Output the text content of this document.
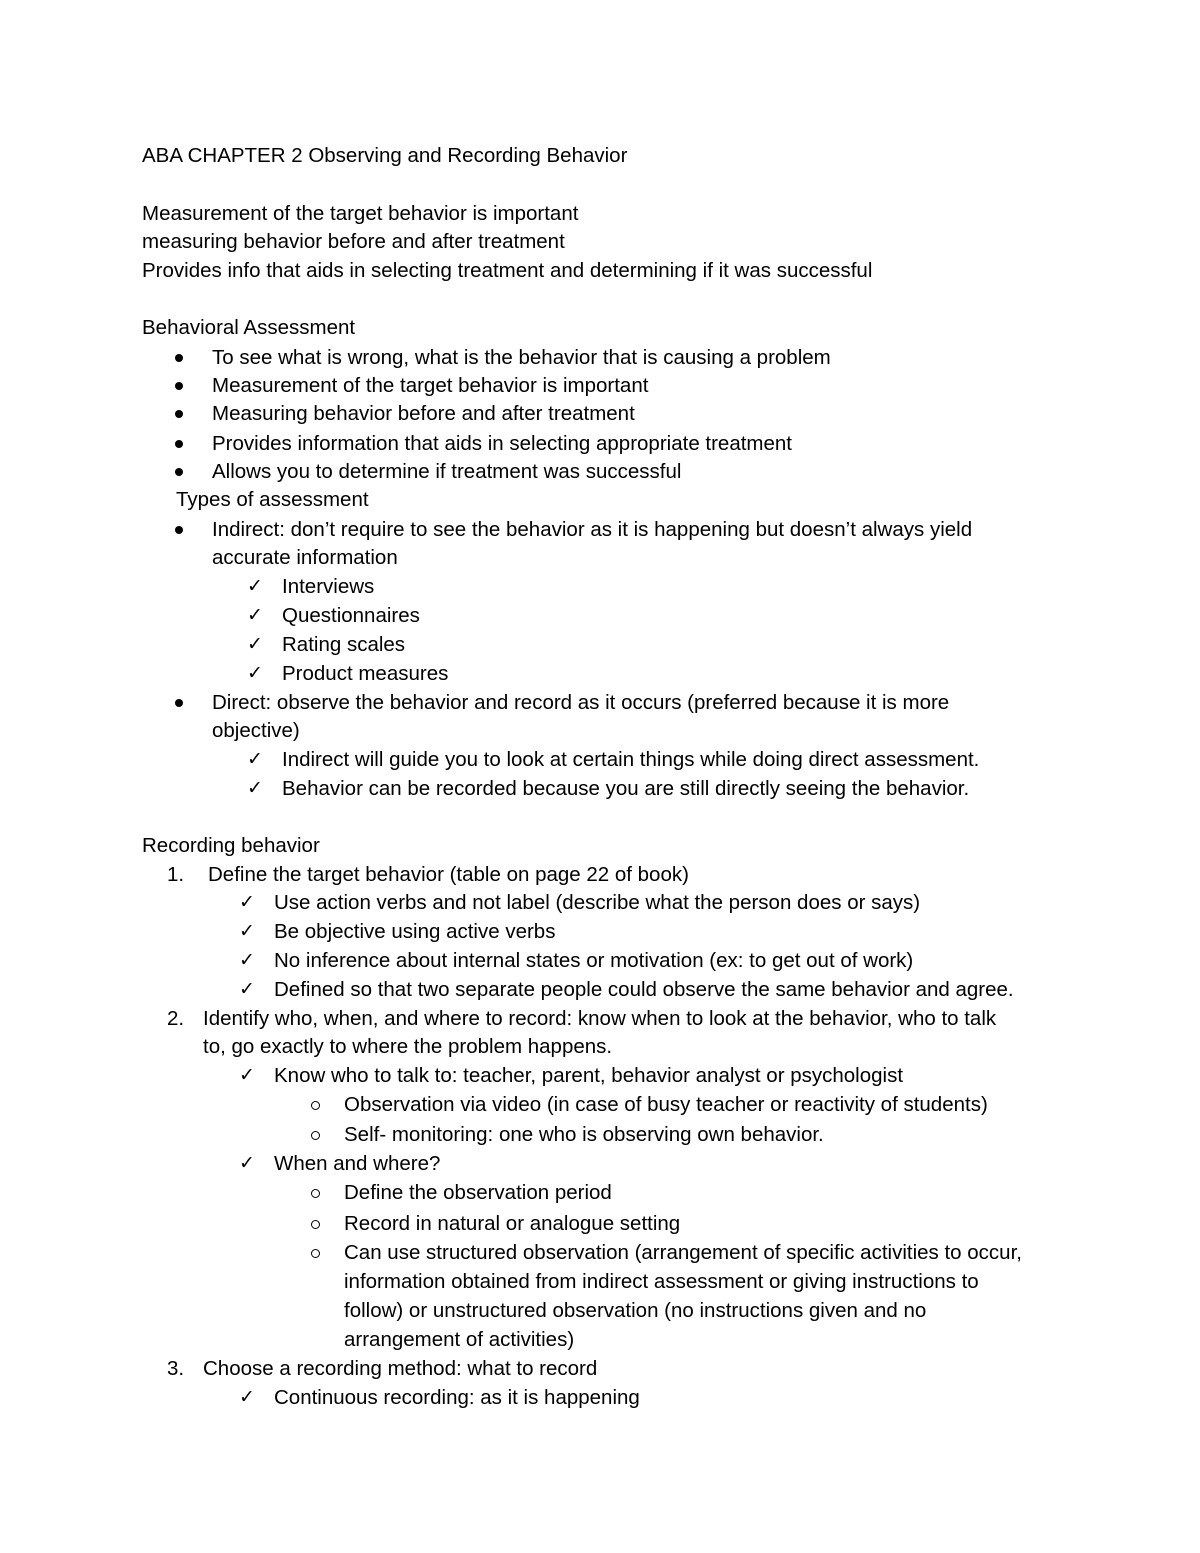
ABA CHAPTER 2 Observing and Recording Behavior
Measurement of the target behavior is important
measuring behavior before and after treatment
Provides info that aids in selecting treatment and determining if it was successful
Behavioral Assessment
To see what is wrong, what is the behavior that is causing a problem
Measurement of the target behavior is important
Measuring behavior before and after treatment
Provides information that aids in selecting appropriate treatment
Allows you to determine if treatment was successful
Types of assessment
Indirect: don’t require to see the behavior as it is happening but doesn’t always yield
accurate information
✓ Interviews
✓ Questionnaires
✓ Rating scales
✓ Product measures
Direct: observe the behavior and record as it occurs (preferred because it is more
objective)
✓ Indirect will guide you to look at certain things while doing direct assessment.
✓ Behavior can be recorded because you are still directly seeing the behavior.
Recording behavior
1. Define the target behavior (table on page 22 of book)
✓ Use action verbs and not label (describe what the person does or says)
✓ Be objective using active verbs
✓ No inference about internal states or motivation (ex: to get out of work)
✓ Defined so that two separate people could observe the same behavior and agree.
2. Identify who, when, and where to record: know when to look at the behavior, who to talk
to, go exactly to where the problem happens.
✓ Know who to talk to: teacher, parent, behavior analyst or psychologist
Observation via video (in case of busy teacher or reactivity of students)
Self- monitoring: one who is observing own behavior.
✓ When and where?
Define the observation period
Record in natural or analogue setting
Can use structured observation (arrangement of specific activities to occur,
information obtained from indirect assessment or giving instructions to
follow) or unstructured observation (no instructions given and no
arrangement of activities)
3. Choose a recording method: what to record
✓ Continuous recording: as it is happening
